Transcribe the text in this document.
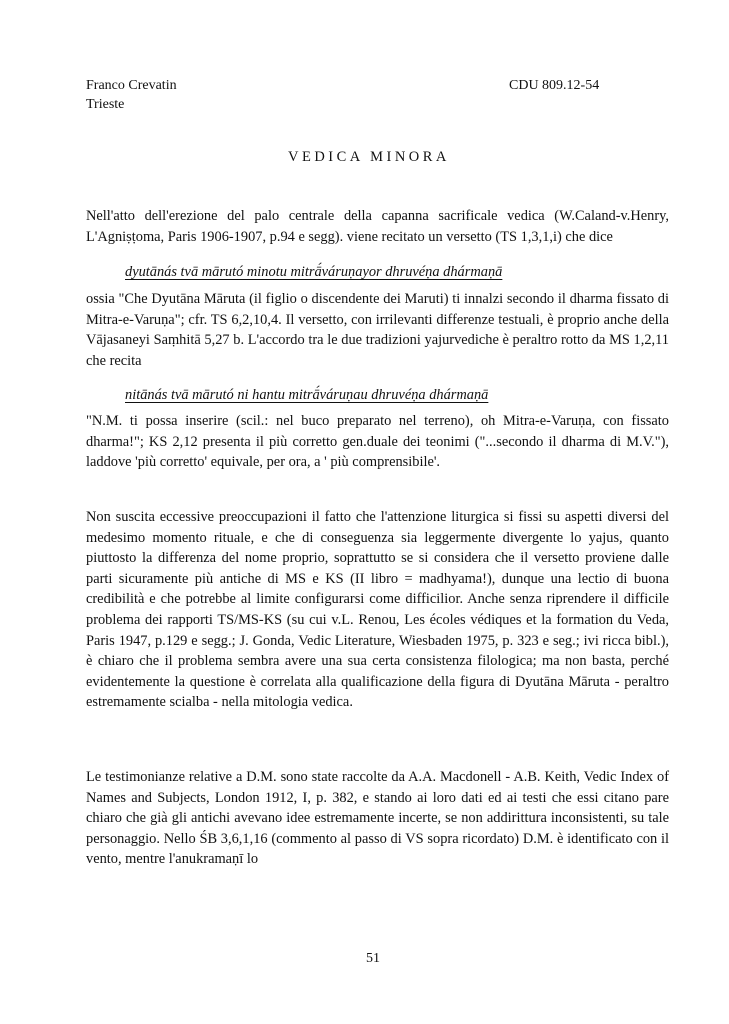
Franco Crevatin
Trieste
CDU 809.12-54
VEDICA MINORA

Nell'atto dell'erezione del palo centrale della capanna sacrificale vedica (W.Caland-v.Henry, L'Agniṣṭoma, Paris 1906-1907, p.94 e segg). viene recitato un versetto (TS 1,3,1,i) che dice

dyutānás tvā mārutó minotu mitrā́váruṇayor dhruvéṇa dhármaṇā

ossia "Che Dyutāna Māruta (il figlio o discendente dei Maruti) ti innalzi secondo il dharma fissato di Mitra-e-Varuṇa"; cfr. TS 6,2,10,4. Il versetto, con irrilevanti differenze testuali, è proprio anche della Vājasaneyi Saṃhitā 5,27 b. L'accordo tra le due tradizioni yajurvediche è peraltro rotto da MS 1,2,11 che recita

nitānás tvā mārutó ni hantu mitrā́váruṇau dhruvéṇa dhármaṇā

"N.M. ti possa inserire (scil.: nel buco preparato nel terreno), oh Mitra-e-Varuṇa, con fissato dharma!"; KS 2,12 presenta il più corretto gen.duale dei teonimi ("...secondo il dharma di M.V."), laddove 'più corretto' equivale, per ora, a ' più comprensibile'.

Non suscita eccessive preoccupazioni il fatto che l'attenzione liturgica si fissi su aspetti diversi del medesimo momento rituale, e che di conseguenza sia leggermente divergente lo yajus, quanto piuttosto la differenza del nome proprio, soprattutto se si considera che il versetto proviene dalle parti sicuramente più antiche di MS e KS (II libro = madhyama!), dunque una lectio di buona credibilità e che potrebbe al limite configurarsi come difficilior. Anche senza riprendere il difficile problema dei rapporti TS/MS-KS (su cui v.L. Renou, Les écoles védiques et la formation du Veda, Paris 1947, p.129 e segg.; J. Gonda, Vedic Literature, Wiesbaden 1975, p. 323 e seg.; ivi ricca bibl.), è chiaro che il problema sembra avere una sua certa consistenza filologica; ma non basta, perché evidentemente la questione è correlata alla qualificazione della figura di Dyutāna Māruta - peraltro estremamente scialba - nella mitologia vedica.

Le testimonianze relative a D.M. sono state raccolte da A.A. Macdonell - A.B. Keith, Vedic Index of Names and Subjects, London 1912, I, p. 382, e stando ai loro dati ed ai testi che essi citano pare chiaro che già gli antichi avevano idee estremamente incerte, se non addirittura inconsistenti, su tale personaggio. Nello ŚB 3,6,1,16 (commento al passo di VS sopra ricordato) D.M. è identificato con il vento, mentre l'anukramaṇī lo

51
